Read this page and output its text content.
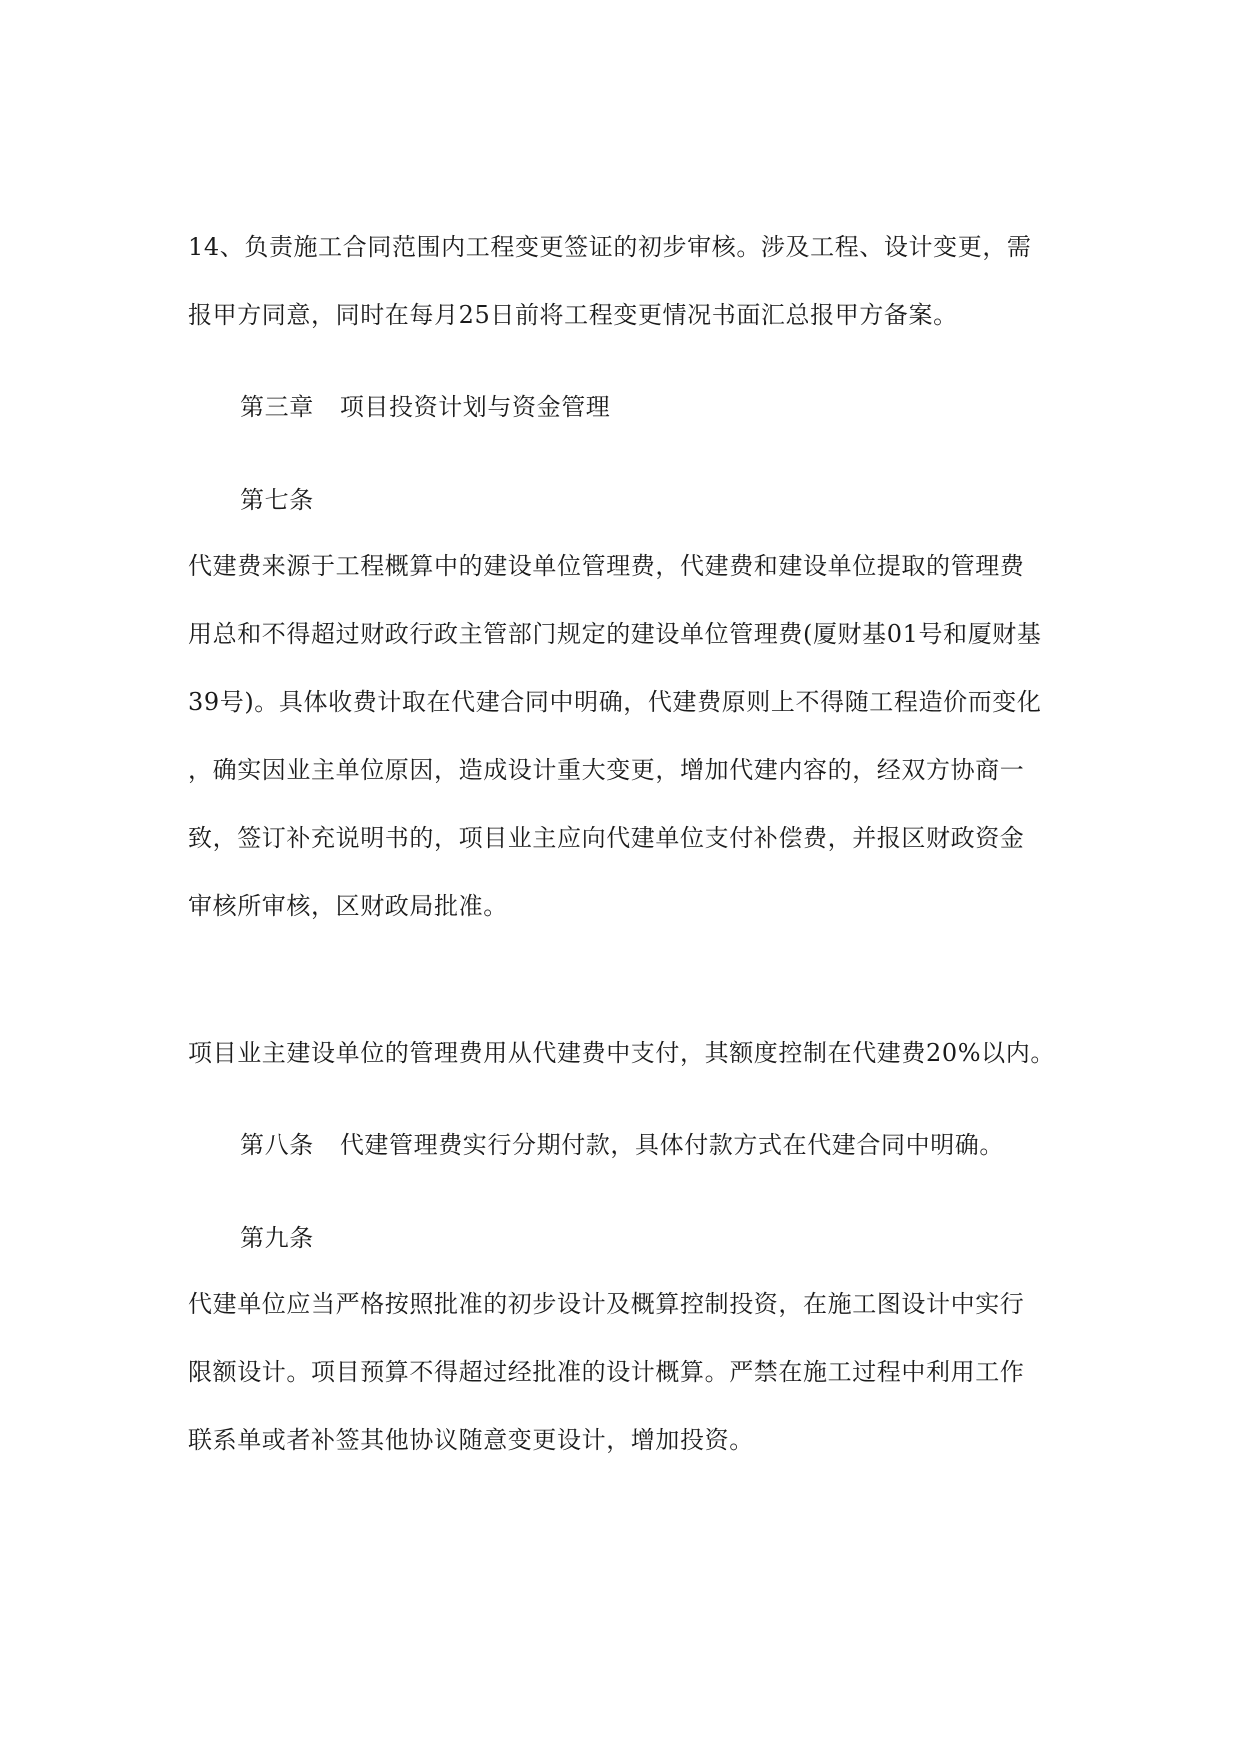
14、负责施工合同范围内工程变更签证的初步审核。涉及工程、设计变更，需
报甲方同意，同时在每月25日前将工程变更情况书面汇总报甲方备案。
第三章 项目投资计划与资金管理
第七条
代建费来源于工程概算中的建设单位管理费，代建费和建设单位提取的管理费
用总和不得超过财政行政主管部门规定的建设单位管理费(厦财基01号和厦财基
39号)。具体收费计取在代建合同中明确，代建费原则上不得随工程造价而变化
，确实因业主单位原因，造成设计重大变更，增加代建内容的，经双方协商一
致，签订补充说明书的，项目业主应向代建单位支付补偿费，并报区财政资金
审核所审核，区财政局批准。
项目业主建设单位的管理费用从代建费中支付，其额度控制在代建费20%以内。
第八条 代建管理费实行分期付款，具体付款方式在代建合同中明确。
第九条
代建单位应当严格按照批准的初步设计及概算控制投资，在施工图设计中实行
限额设计。项目预算不得超过经批准的设计概算。严禁在施工过程中利用工作
联系单或者补签其他协议随意变更设计，增加投资。
